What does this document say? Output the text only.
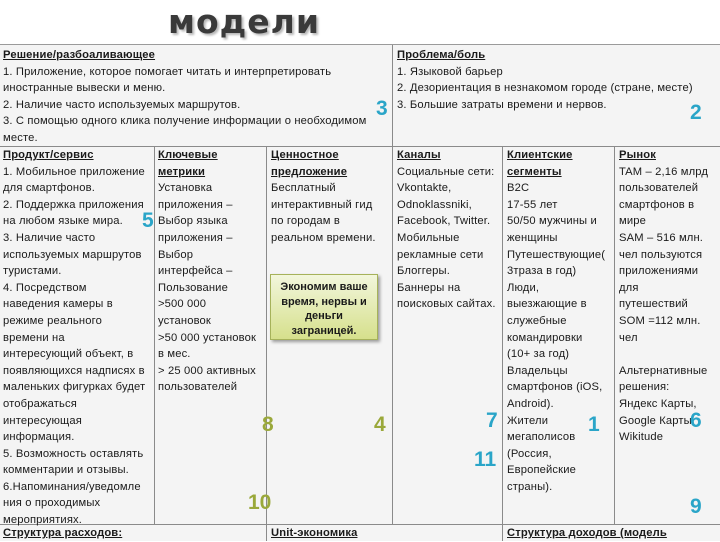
модели
Решение/разбоаливающее
1. Приложение, которое помогает читать и интерпретировать
иностранные вывески и меню.
2. Наличие часто используемых маршрутов.
3. С помощью одного клика получение информации о необходимом
месте.
Проблема/боль
1. Языковой барьер
2. Дезориентация в незнакомом городе (стране, месте)
3. Большие затраты времени и нервов.
Продукт/сервис
1. Мобильное приложение
для смартфонов.
2. Поддержка приложения
на любом языке мира.
3. Наличие часто
используемых маршрутов
туристами.
4. Посредством
наведения камеры в
режиме реального
времени на
интересующий объект, в
появляющихся надписях в
маленьких фигурках будет
отображаться
интересующая
информация.
5. Возможность оставлять
комментарии и отзывы.
6.Напоминания/уведомле
ния о проходимых
мероприятиях.
Ключевые
метрики
Установка
приложения –
Выбор языка
приложения –
Выбор
интерфейса –
Пользование
>500 000
установок
>50 000 установок
в мес.
> 25 000 активных
пользователей
Ценностное
предложение
Бесплатный
интерактивный гид
по городам в
реальном времени.
Экономим ваше
время, нервы и
деньги
заграницей.
Каналы
Социальные сети:
Vkontakte,
Odnoklassniki,
Facebook, Twitter.
Мобильные
рекламные сети
Блоггеры.
Баннеры на
поисковых сайтах.
Клиентские
сегменты
B2C
17-55 лет
50/50 мужчины и
женщины
Путешествующие(
3траза в год)
Люди,
выезжающие в
служебные
командировки
(10+ за год)
Владельцы
смартфонов (iOS,
Android).
Жители
мегаполисов
(Россия,
Европейские
страны).
Рынок
TAM – 2,16 млрд
пользователей
смартфонов в
мире
SAM – 516 млн.
чел пользуются
приложениями
для
путешествий
SOM =112 млн.
чел

Альтернативные
решения:
Яндекс Карты,
Google Карты,
Wikitude
Структура расходов:	Unit-экономика	Структура доходов (модель
3	2
5
8	4	7	1	6
11
10	9
